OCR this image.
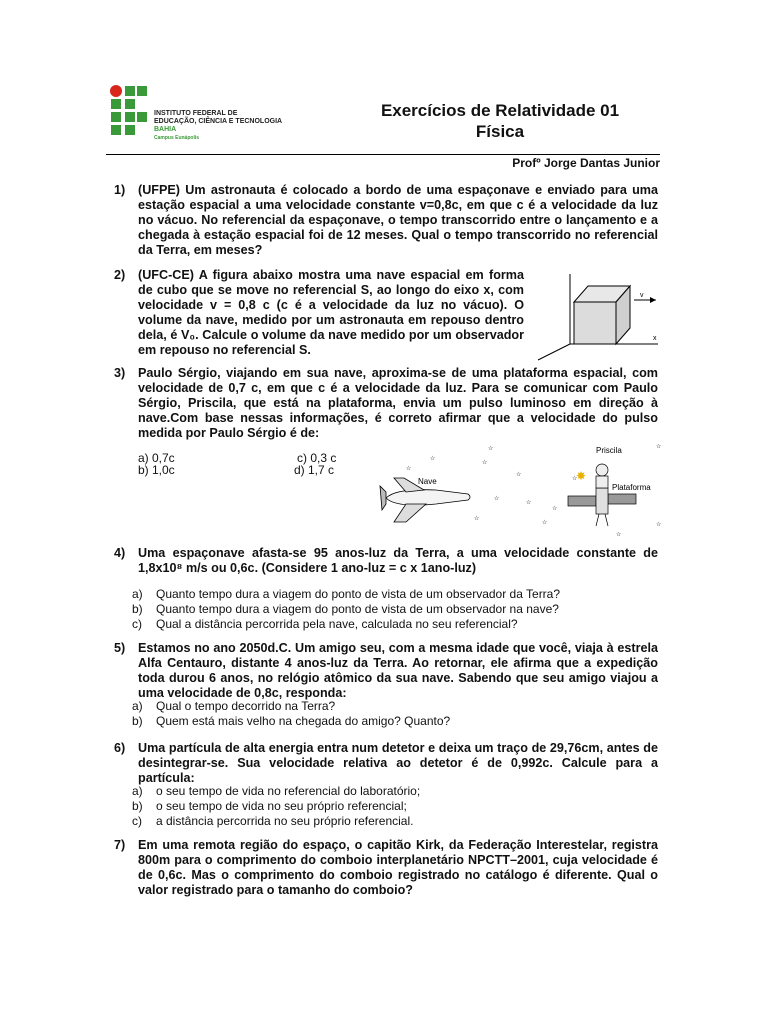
INSTITUTO FEDERAL DE
EDUCAÇÃO, CIÊNCIA E TECNOLOGIA
BAHIA
Campus Eunápolis
Exercícios de Relatividade 01
Física
Profº Jorge Dantas Junior
1) (UFPE) Um astronauta é colocado a bordo de uma espaçonave e enviado para uma estação espacial a uma velocidade constante v=0,8c, em que c é a velocidade da luz no vácuo. No referencial da espaçonave, o tempo transcorrido entre o lançamento e a chegada à estação espacial foi de 12 meses. Qual o tempo transcorrido no referencial da Terra, em meses?
2) (UFC-CE) A figura abaixo mostra uma nave espacial em forma de cubo que se move no referencial S, ao longo do eixo x, com velocidade v = 0,8 c (c é a velocidade da luz no vácuo). O volume da nave, medido por um astronauta em repouso dentro dela, é V₀. Calcule o volume da nave medido por um observador em repouso no referencial S.
v
x
3) Paulo Sérgio, viajando em sua nave, aproxima-se de uma plataforma espacial, com velocidade de 0,7 c, em que c é a velocidade da luz. Para se comunicar com Paulo Sérgio, Priscila, que está na plataforma, envia um pulso luminoso em direção à nave.Com base nessas informações, é correto afirmar que a velocidade do pulso medida por Paulo Sérgio é de:
a) 0,7c
b) 1,0c
c) 0,3 c
d) 1,7 c	☆
☆
☆
☆
☆
☆
☆
☆
☆
☆
☆
☆
☆
☆
Nave	✸
Priscila
Plataforma
4) Uma espaçonave afasta-se 95 anos-luz da Terra, a uma velocidade constante de 1,8x10⁸ m/s ou 0,6c. (Considere 1 ano-luz = c x 1ano-luz)
a) Quanto tempo dura a viagem do ponto de vista de um observador da Terra?
b) Quanto tempo dura a viagem do ponto de vista de um observador na nave?
c) Qual a distância percorrida pela nave, calculada no seu referencial?
5) Estamos no ano 2050d.C. Um amigo seu, com a mesma idade que você, viaja à estrela Alfa Centauro, distante 4 anos-luz da Terra. Ao retornar, ele afirma que a expedição toda durou 6 anos, no relógio atômico da sua nave. Sabendo que seu amigo viajou a uma velocidade de 0,8c, responda:
a) Qual o tempo decorrido na Terra?
b) Quem está mais velho na chegada do amigo? Quanto?
6) Uma partícula de alta energia entra num detetor e deixa um traço de 29,76cm, antes de desintegrar-se. Sua velocidade relativa ao detetor é de 0,992c. Calcule para a partícula:
a) o seu tempo de vida no referencial do laboratório;
b) o seu tempo de vida no seu próprio referencial;
c) a distância percorrida no seu próprio referencial.
7) Em uma remota região do espaço, o capitão Kirk, da Federação Interestelar, registra 800m para o comprimento do comboio interplanetário NPCTT–2001, cuja velocidade é de 0,6c. Mas o comprimento do comboio registrado no catálogo é diferente. Qual o valor registrado para o tamanho do comboio?
